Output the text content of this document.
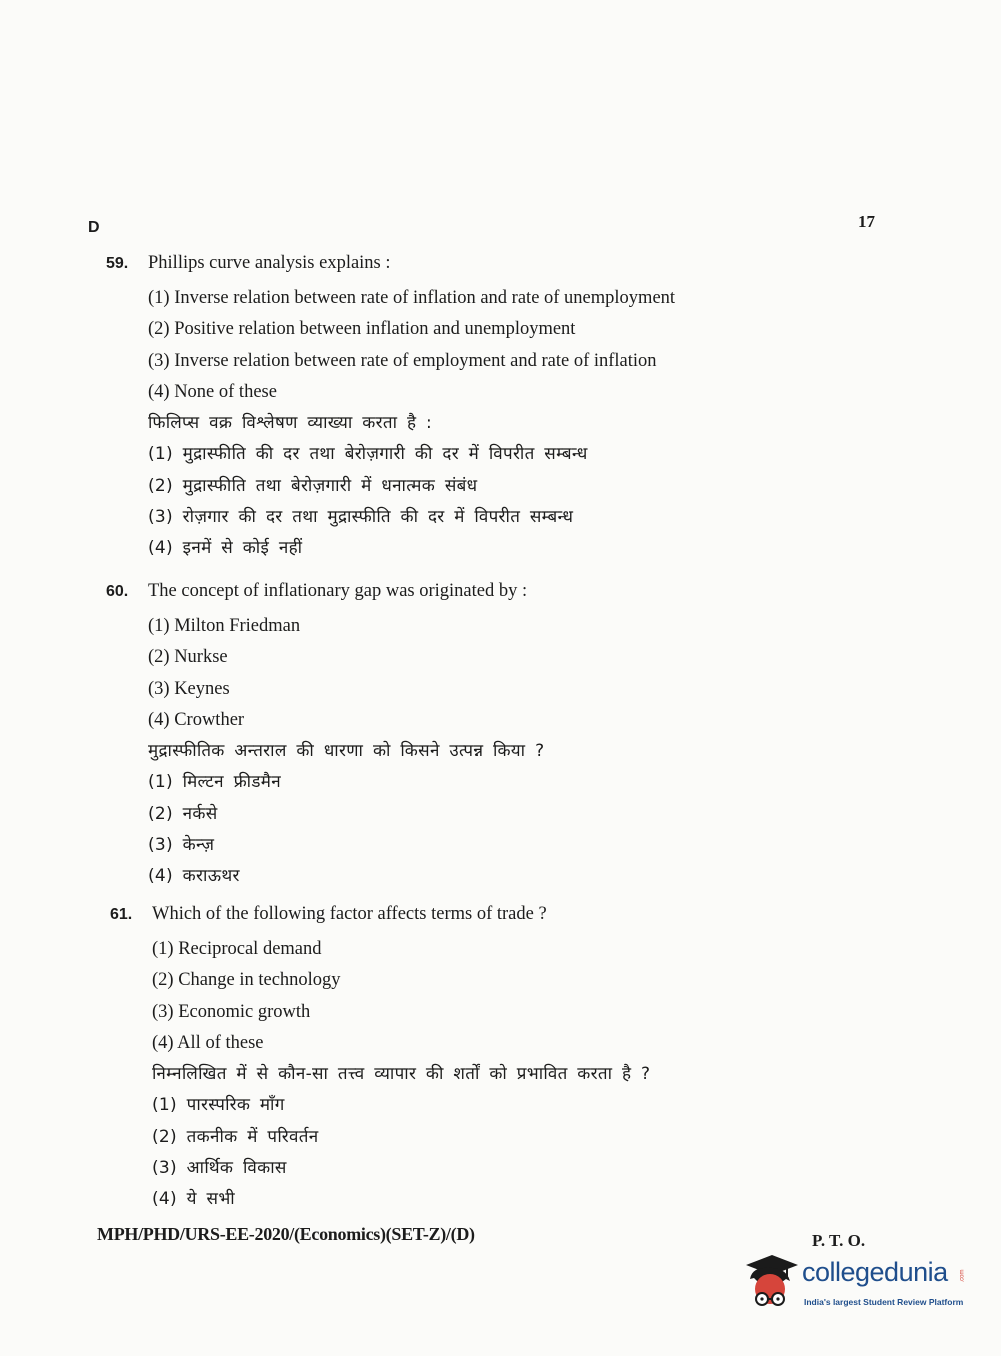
D	17
59.	Phillips curve analysis explains :
(1) Inverse relation between rate of inflation and rate of unemployment
(2) Positive relation between inflation and unemployment
(3) Inverse relation between rate of employment and rate of inflation
(4) None of these
फिलिप्स वक्र विश्लेषण व्याख्या करता है :
(1) मुद्रास्फीति की दर तथा बेरोज़गारी की दर में विपरीत सम्बन्ध
(2) मुद्रास्फीति तथा बेरोज़गारी में धनात्मक संबंध
(3) रोज़गार की दर तथा मुद्रास्फीति की दर में विपरीत सम्बन्ध
(4) इनमें से कोई नहीं
60.	The concept of inflationary gap was originated by :
(1) Milton Friedman
(2) Nurkse
(3) Keynes
(4) Crowther
मुद्रास्फीतिक अन्तराल की धारणा को किसने उत्पन्न किया ?
(1) मिल्टन फ्रीडमैन
(2) नर्कसे
(3) केन्ज़
(4) कराऊथर
61.	Which of the following factor affects terms of trade ?
(1) Reciprocal demand
(2) Change in technology
(3) Economic growth
(4) All of these
निम्नलिखित में से कौन-सा तत्त्व व्यापार की शर्तों को प्रभावित करता है ?
(1) पारस्परिक माँग
(2) तकनीक में परिवर्तन
(3) आर्थिक विकास
(4) ये सभी
MPH/PHD/URS-EE-2020/(Economics)(SET-Z)/(D)	P. T. O.
collegedunia .com
India's largest Student Review Platform
